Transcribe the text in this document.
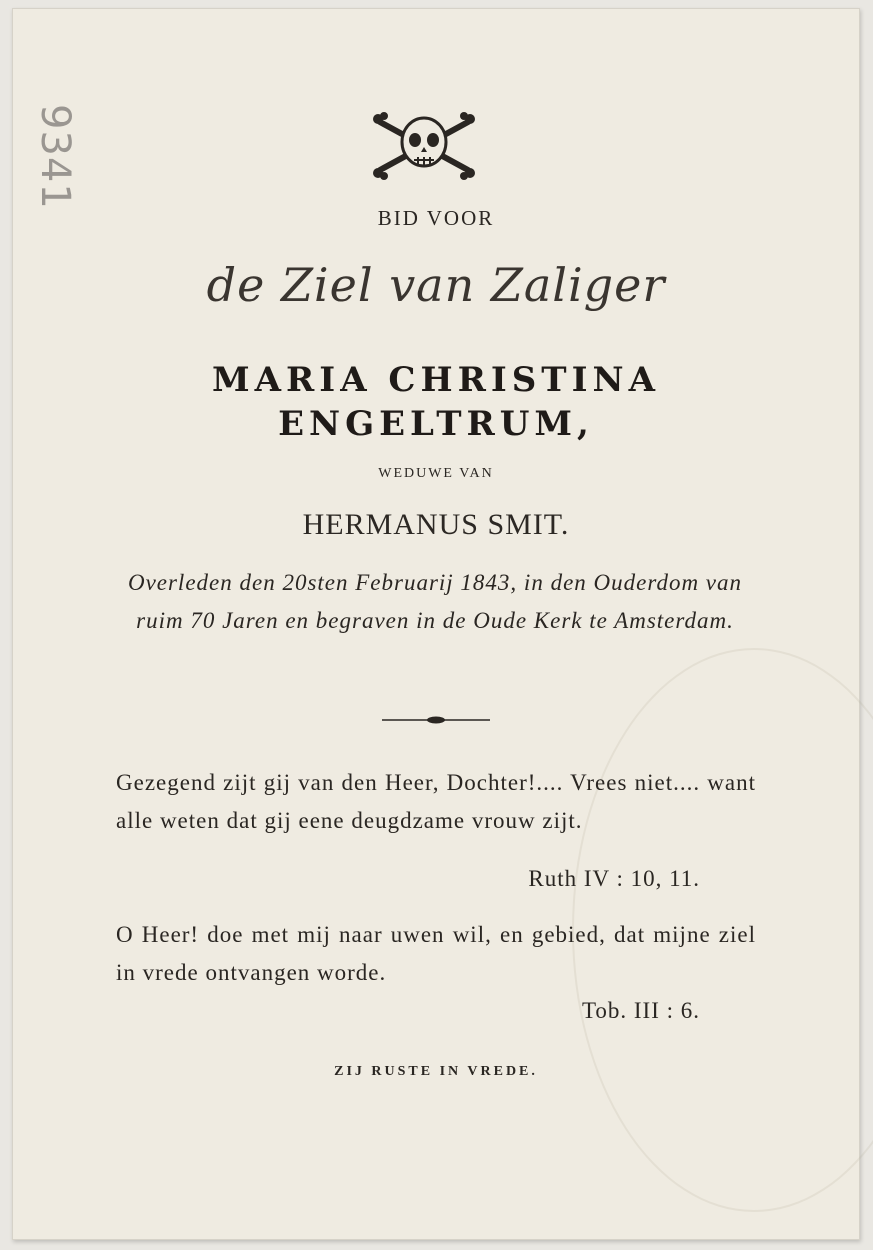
9341
BID VOOR
de Ziel van Zaliger
MARIA CHRISTINA
ENGELTRUM,
WEDUWE VAN
HERMANUS SMIT.
Overleden den 20sten Februarij 1843, in den Ouderdom van ruim 70 Jaren en begraven in de Oude Kerk te Amsterdam.
Gezegend zijt gij van den Heer, Dochter!.... Vrees niet.... want alle weten dat gij eene deugdzame vrouw zijt.
Ruth IV : 10, 11.
O Heer! doe met mij naar uwen wil, en gebied, dat mijne ziel in vrede ontvangen worde.
Tob. III : 6.
ZIJ RUSTE IN VREDE.
